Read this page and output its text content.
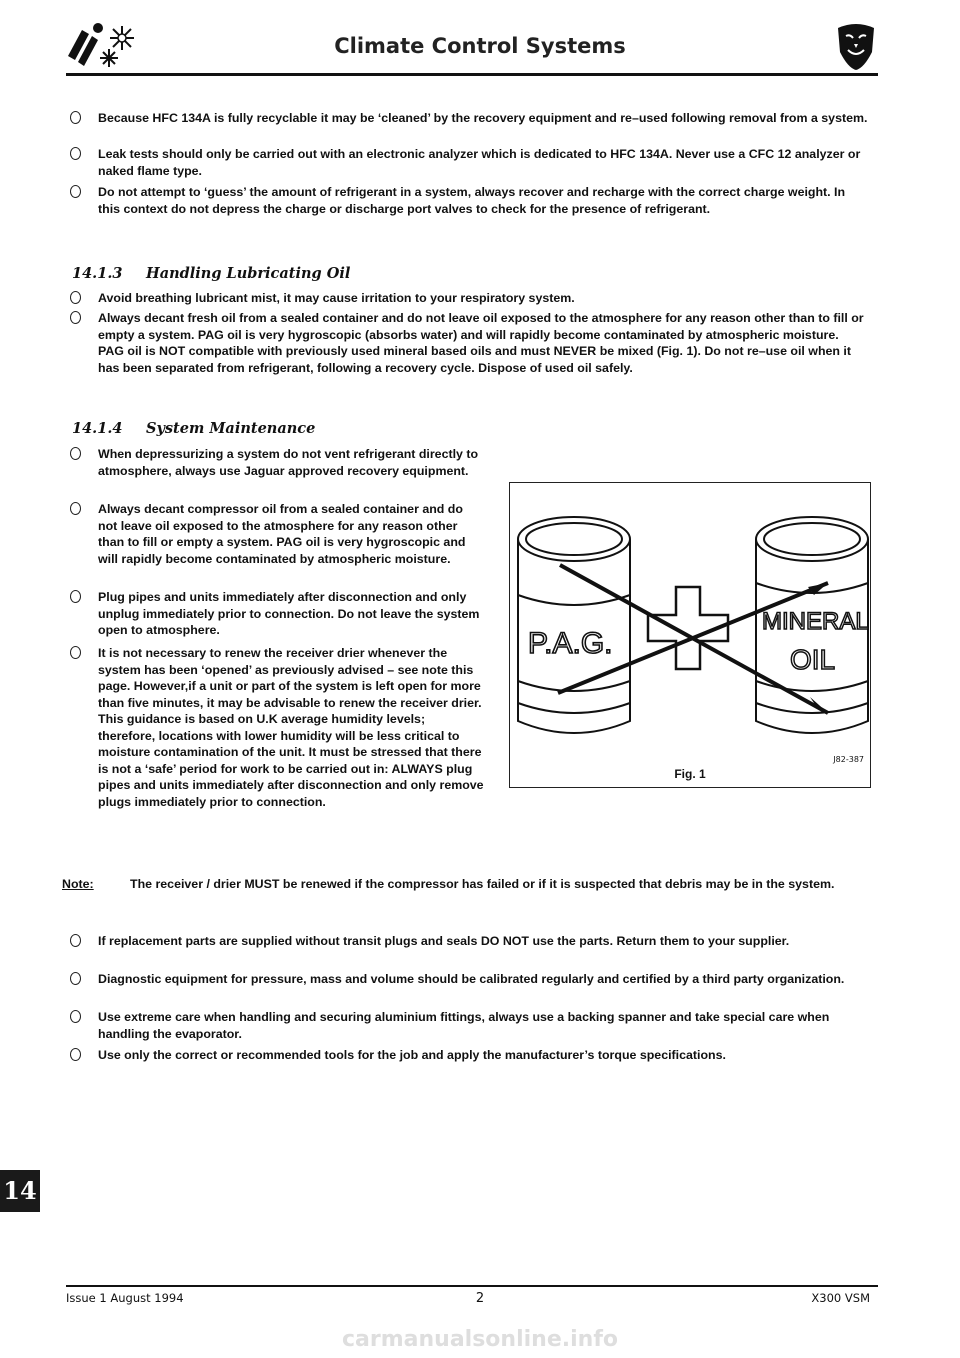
Climate Control Systems

Because HFC 134A is fully recyclable it may be ‘cleaned’ by the recovery equipment and re–used following removal from a system.

Leak tests should only be carried out with an electronic analyzer which is dedicated to HFC 134A. Never use a CFC 12 analyzer or naked flame type.

Do not attempt to ‘guess’ the amount of refrigerant in a system, always recover and recharge with the correct charge weight. In this context do not depress the charge or discharge port valves to check for the presence of refrigerant.

14.1.3 Handling Lubricating Oil

Avoid breathing lubricant mist, it may cause irritation to your respiratory system.

Always decant fresh oil from a sealed container and do not leave oil exposed to the atmosphere for any reason other than to fill or empty a system. PAG oil is very hygroscopic (absorbs water) and will rapidly become contaminated by atmospheric moisture.

PAG oil is NOT compatible with previously used mineral based oils and must NEVER be mixed (Fig. 1). Do not re–use oil when it has been separated from refrigerant, following a recovery cycle. Dispose of used oil safely.

14.1.4 System Maintenance

When depressurizing a system do not vent refrigerant directly to atmosphere, always use Jaguar approved recovery equipment.

Always decant compressor oil from a sealed container and do not leave oil exposed to the atmosphere for any reason other than to fill or empty a system. PAG oil is very hygroscopic and will rapidly become contaminated by atmospheric moisture.

Plug pipes and units immediately after disconnection and only unplug immediately prior to connection. Do not leave the system open to atmosphere.

It is not necessary to renew the receiver drier whenever the system has been ‘opened’ as previously advised – see note this page. However,if a unit or part of the system is left open for more than five minutes, it may be advisable to renew the receiver drier. This guidance is based on U.K average humidity levels; therefore, locations with lower humidity will be less critical to moisture contamination of the unit. It must be stressed that there is not a ‘safe’ period for work to be carried out in: ALWAYS plug pipes and units immediately after disconnection and only remove plugs immediately prior to connection.

P.A.G.
MINERAL
OIL
J82-387
Fig. 1
Note:	The receiver / drier MUST be renewed if the compressor has failed or if it is suspected that debris may be in the system.

If replacement parts are supplied without transit plugs and seals DO NOT use the parts. Return them to your supplier.

Diagnostic equipment for pressure, mass and volume should be calibrated regularly and certified by a third party organization.

Use extreme care when handling and securing aluminium fittings, always use a backing spanner and take special care when handling the evaporator.

Use only the correct or recommended tools for the job and apply the manufacturer’s torque specifications.

14
Issue 1 August 1994	2	X300 VSM
carmanualsonline.info
